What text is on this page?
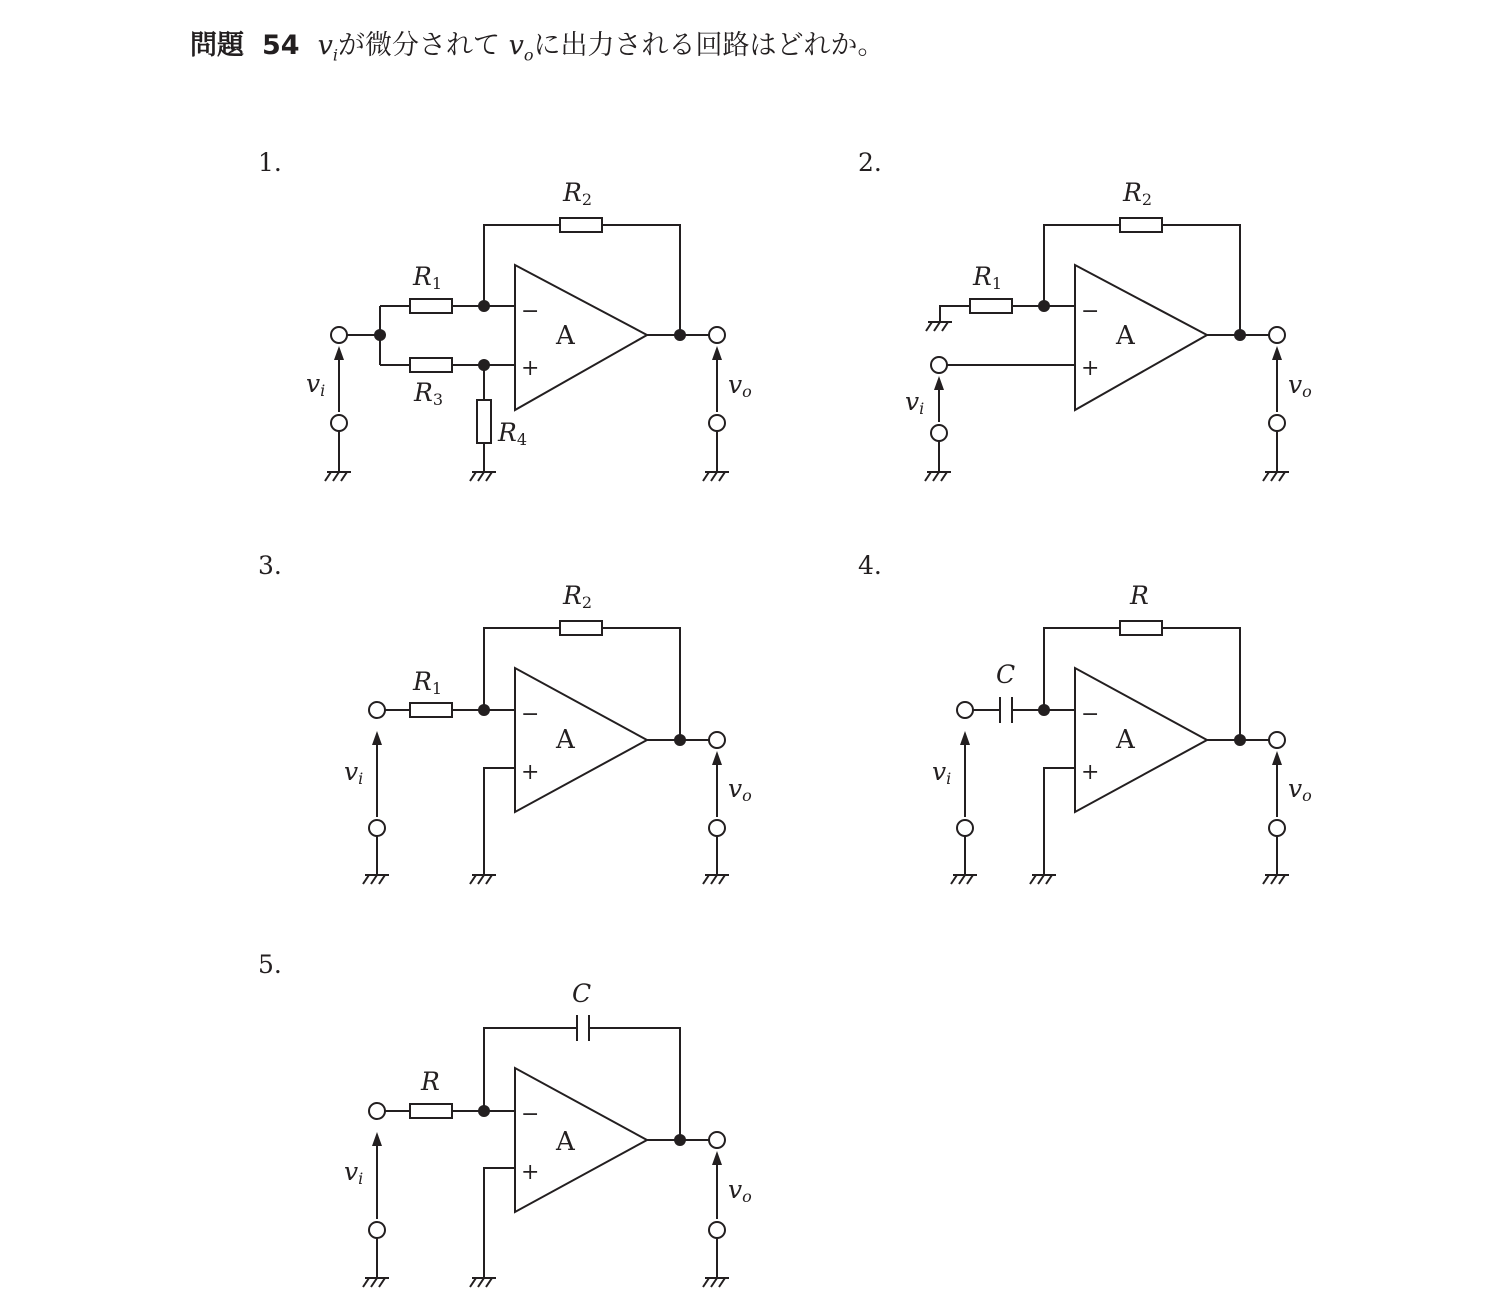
問題 54 $v_i$が微分されて $v_o$に出力される回路はどれか。
1.	2.
3.	4.
5.
−
+
A
R1
R2
R3
R4
vi	vo
−
+
A
R1
R2
vi
vo
−
+
A
R1
R2
vi	vo
−
+
A
C
R
vi	vo
−
+
A
C
R
vi	vo
